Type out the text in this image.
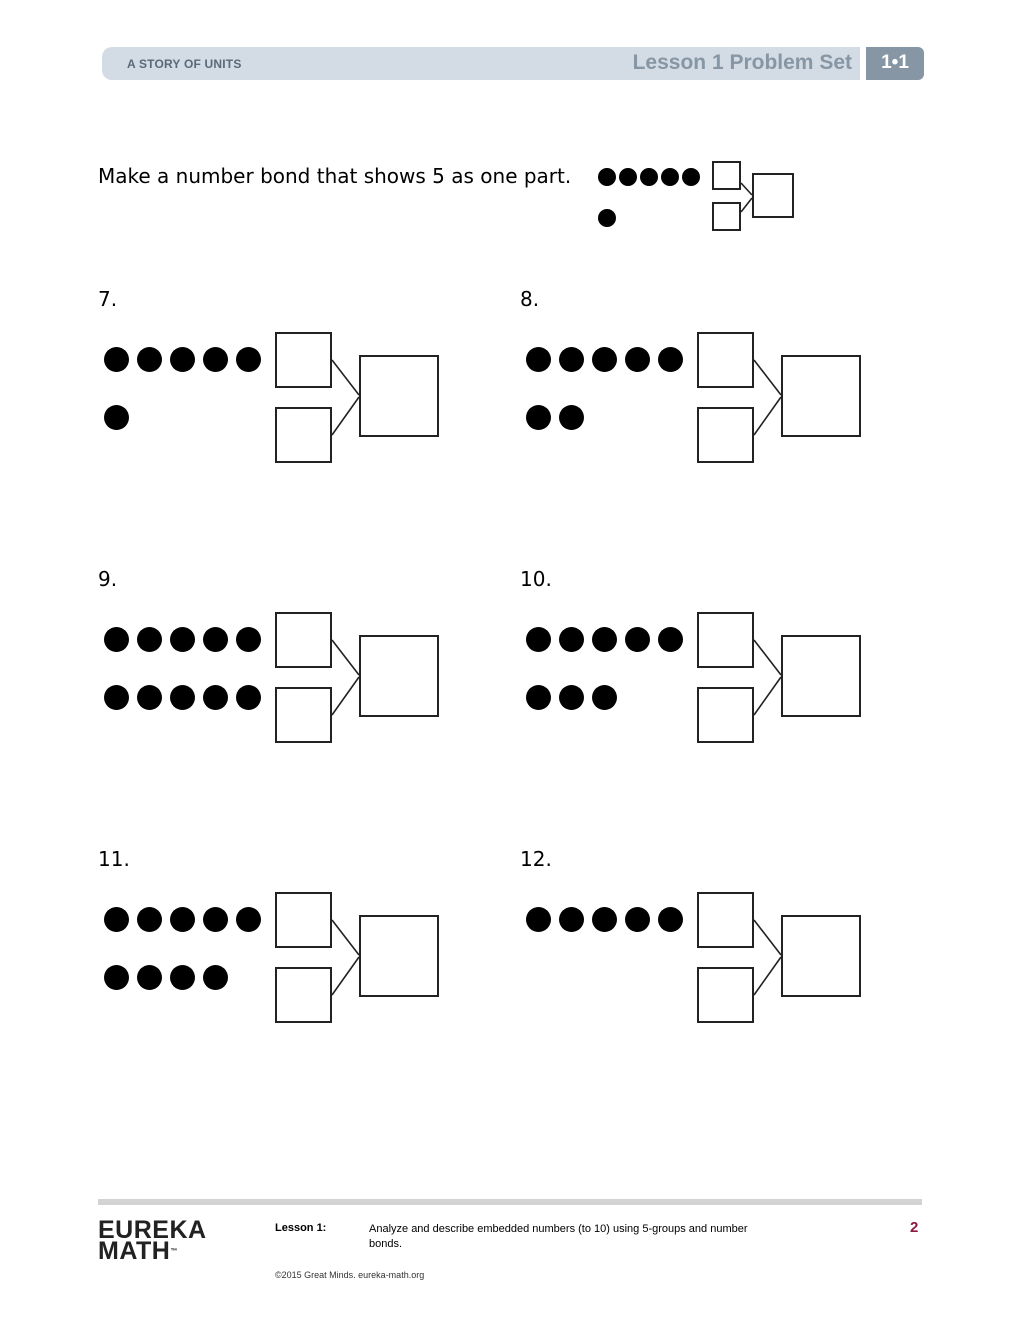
A STORY OF UNITS	Lesson 1 Problem Set	1•1
Make a number bond that shows 5 as one part.
7.	8.
9.	10.
11.	12.
EUREKA
MATH™
Lesson 1:	Analyze and describe embedded numbers (to 10) using 5-groups and number bonds.
2
©2015 Great Minds. eureka-math.org
